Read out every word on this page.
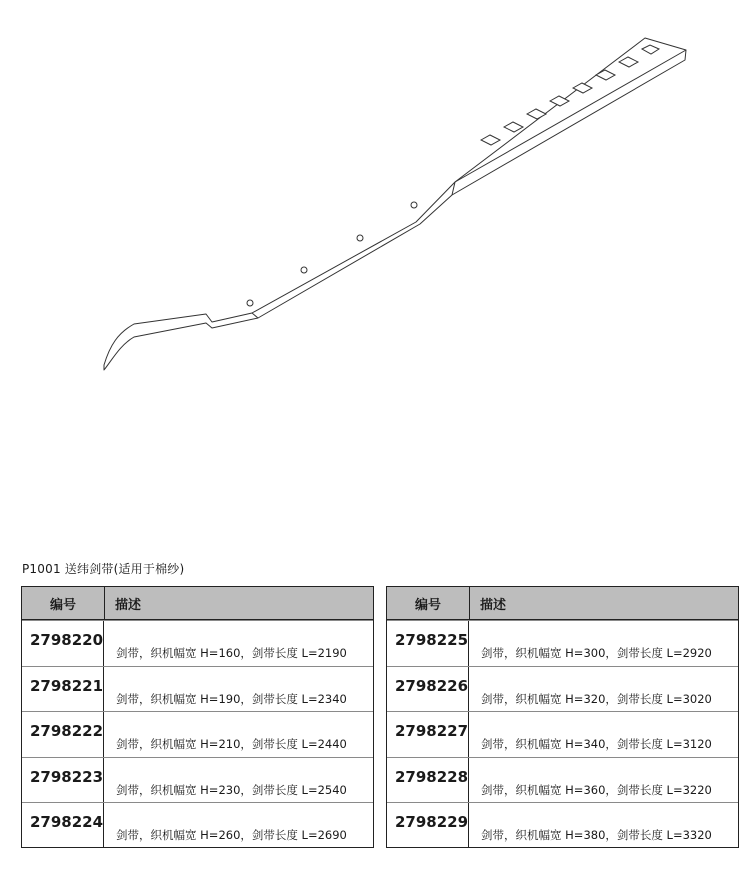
P1001 送纬剑带(适用于棉纱)
编号	描述
2798220
剑带，织机幅宽 H=160，剑带长度 L=2190
2798221
剑带，织机幅宽 H=190，剑带长度 L=2340
2798222
剑带，织机幅宽 H=210，剑带长度 L=2440
2798223
剑带，织机幅宽 H=230，剑带长度 L=2540
2798224
剑带，织机幅宽 H=260，剑带长度 L=2690
编号	描述
2798225
剑带，织机幅宽 H=300，剑带长度 L=2920
2798226
剑带，织机幅宽 H=320，剑带长度 L=3020
2798227
剑带，织机幅宽 H=340，剑带长度 L=3120
2798228
剑带，织机幅宽 H=360，剑带长度 L=3220
2798229
剑带，织机幅宽 H=380，剑带长度 L=3320
